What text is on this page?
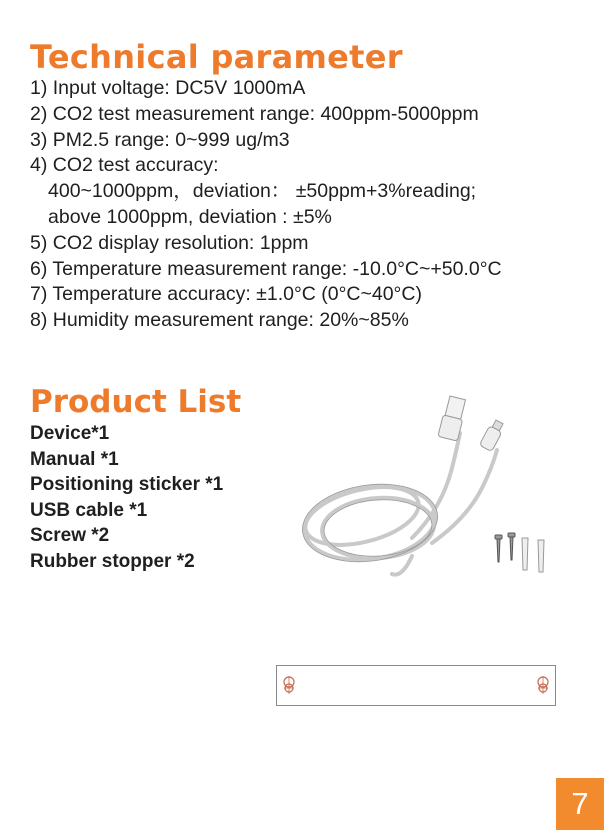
Technical parameter
1) Input voltage: DC5V 1000mA
2) CO2 test measurement range: 400ppm-5000ppm
3) PM2.5 range: 0~999 ug/m3
4) CO2 test accuracy:
400~1000ppm，deviation： ±50ppm+3%reading;
above 1000ppm, deviation : ±5%
5) CO2 display resolution: 1ppm
6) Temperature measurement range: -10.0°C~+50.0°C
7) Temperature accuracy: ±1.0°C (0°C~40°C)
8) Humidity measurement range: 20%~85%
Product List
Device*1
Manual *1
Positioning sticker *1
USB cable *1
Screw *2
Rubber stopper *2
7
